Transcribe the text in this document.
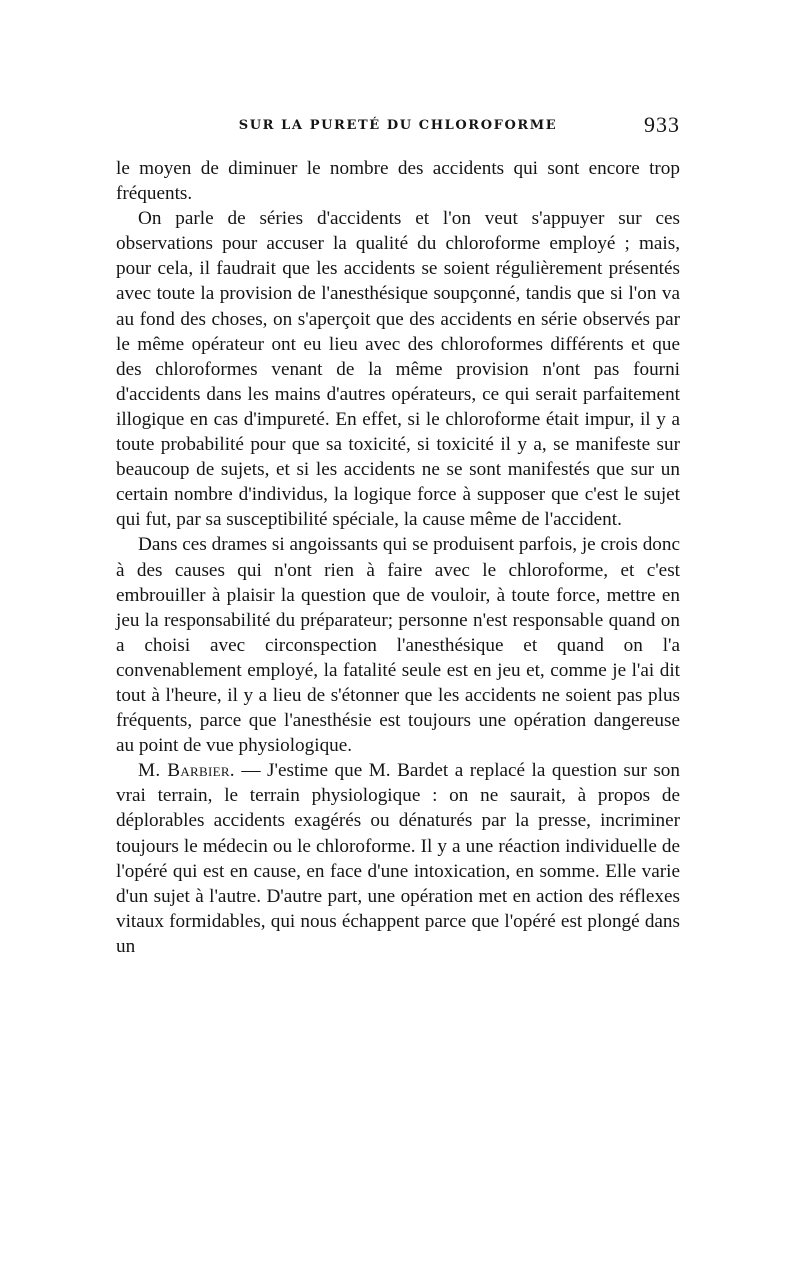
SUR LA PURETÉ DU CHLOROFORME	933

le moyen de diminuer le nombre des accidents qui sont encore trop fréquents.

On parle de séries d'accidents et l'on veut s'appuyer sur ces observations pour accuser la qualité du chloroforme employé ; mais, pour cela, il faudrait que les accidents se soient régulièrement présentés avec toute la provision de l'anesthésique soupçonné, tandis que si l'on va au fond des choses, on s'aperçoit que des accidents en série observés par le même opérateur ont eu lieu avec des chloroformes différents et que des chloroformes venant de la même provision n'ont pas fourni d'accidents dans les mains d'autres opérateurs, ce qui serait parfaitement illogique en cas d'impureté. En effet, si le chloroforme était impur, il y a toute probabilité pour que sa toxicité, si toxicité il y a, se manifeste sur beaucoup de sujets, et si les accidents ne se sont manifestés que sur un certain nombre d'individus, la logique force à supposer que c'est le sujet qui fut, par sa susceptibilité spéciale, la cause même de l'accident.

Dans ces drames si angoissants qui se produisent parfois, je crois donc à des causes qui n'ont rien à faire avec le chloroforme, et c'est embrouiller à plaisir la question que de vouloir, à toute force, mettre en jeu la responsabilité du préparateur; personne n'est responsable quand on a choisi avec circonspection l'anesthésique et quand on l'a convenablement employé, la fatalité seule est en jeu et, comme je l'ai dit tout à l'heure, il y a lieu de s'étonner que les accidents ne soient pas plus fréquents, parce que l'anesthésie est toujours une opération dangereuse au point de vue physiologique.

M. Barbier. — J'estime que M. Bardet a replacé la question sur son vrai terrain, le terrain physiologique : on ne saurait, à propos de déplorables accidents exagérés ou dénaturés par la presse, incriminer toujours le médecin ou le chloroforme. Il y a une réaction individuelle de l'opéré qui est en cause, en face d'une intoxication, en somme. Elle varie d'un sujet à l'autre. D'autre part, une opération met en action des réflexes vitaux formidables, qui nous échappent parce que l'opéré est plongé dans un
